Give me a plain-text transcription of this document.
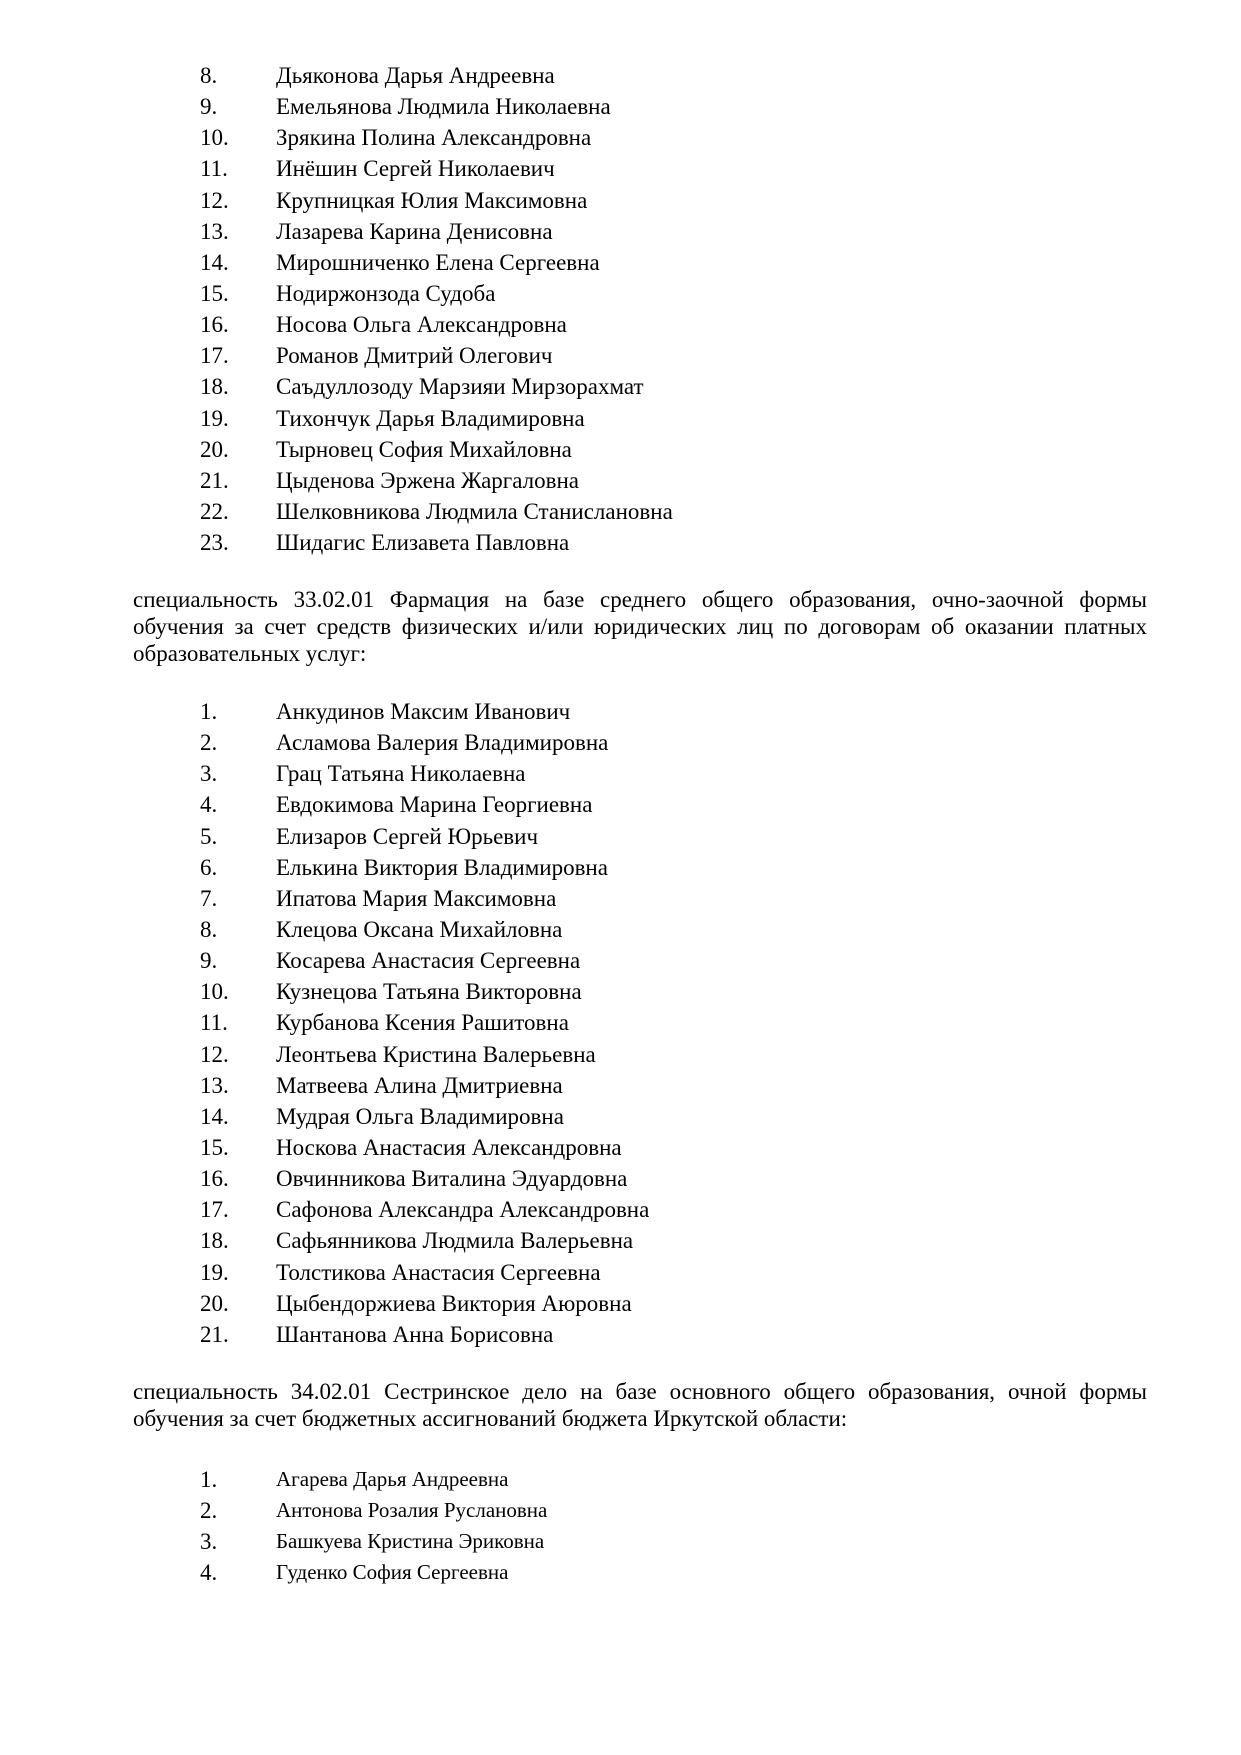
8.	Дьяконова Дарья Андреевна
9.	Емельянова Людмила Николаевна
10. Зрякина Полина Александровна
11. Инёшин Сергей Николаевич
12. Крупницкая Юлия Максимовна
13. Лазарева Карина Денисовна
14. Мирошниченко Елена Сергеевна
15. Нодиржонзода Судоба
16. Носова Ольга Александровна
17. Романов Дмитрий Олегович
18. Саъдуллозоду Марзияи Мирзорахмат
19. Тихончук Дарья Владимировна
20. Тырновец София Михайловна
21. Цыденова Эржена Жаргаловна
22. Шелковникова Людмила Станислановна
23. Шидагис Елизавета Павловна

специальность 33.02.01 Фармация на базе среднего общего образования, очно-заочной формы обучения за счет средств физических и/или юридических лиц по договорам об оказании платных образовательных услуг:

1.	Анкудинов Максим Иванович
2.	Асламова Валерия Владимировна
3.	Грац Татьяна Николаевна
4.	Евдокимова Марина Георгиевна
5.	Елизаров Сергей Юрьевич
6.	Елькина Виктория Владимировна
7.	Ипатова Мария Максимовна
8.	Клецова Оксана Михайловна
9.	Косарева Анастасия Сергеевна
10. Кузнецова Татьяна Викторовна
11. Курбанова Ксения Рашитовна
12. Леонтьева Кристина Валерьевна
13. Матвеева Алина Дмитриевна
14. Мудрая Ольга Владимировна
15. Носкова Анастасия Александровна
16. Овчинникова Виталина Эдуардовна
17. Сафонова Александра Александровна
18. Сафьянникова Людмила Валерьевна
19. Толстикова Анастасия Сергеевна
20. Цыбендоржиева Виктория Аюровна
21. Шантанова Анна Борисовна

специальность 34.02.01 Сестринское дело на базе основного общего образования, очной формы обучения за счет бюджетных ассигнований бюджета Иркутской области:

1.	Агарева Дарья Андреевна
2.	Антонова Розалия Руслановна
3.	Башкуева Кристина Эриковна
4.	Гуденко София Сергеевна
